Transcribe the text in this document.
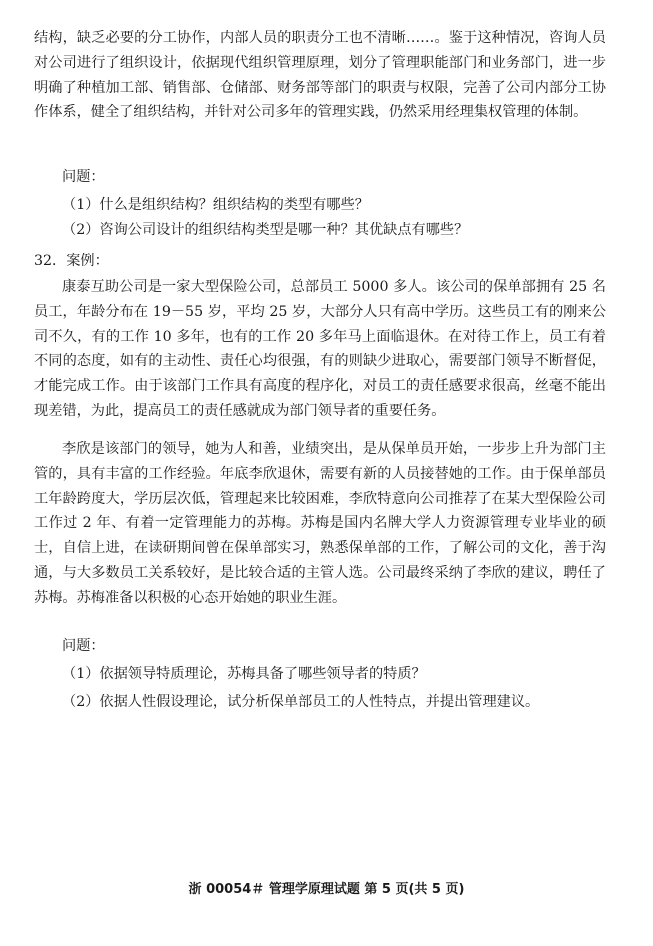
结构，缺乏必要的分工协作，内部人员的职责分工也不清晰……。鉴于这种情况，咨询人员对公司进行了组织设计，依据现代组织管理原理，划分了管理职能部门和业务部门，进一步明确了种植加工部、销售部、仓储部、财务部等部门的职责与权限，完善了公司内部分工协作体系，健全了组织结构，并针对公司多年的管理实践，仍然采用经理集权管理的体制。

问题：

（1）什么是组织结构？组织结构的类型有哪些？

（2）咨询公司设计的组织结构类型是哪一种？其优缺点有哪些？

32．案例：

康泰互助公司是一家大型保险公司，总部员工 5000 多人。该公司的保单部拥有 25 名员工，年龄分布在 19－55 岁，平均 25 岁，大部分人只有高中学历。这些员工有的刚来公司不久，有的工作 10 多年，也有的工作 20 多年马上面临退休。在对待工作上，员工有着不同的态度，如有的主动性、责任心均很强，有的则缺少进取心，需要部门领导不断督促，才能完成工作。由于该部门工作具有高度的程序化，对员工的责任感要求很高，丝毫不能出现差错，为此，提高员工的责任感就成为部门领导者的重要任务。

李欣是该部门的领导，她为人和善，业绩突出，是从保单员开始，一步步上升为部门主管的，具有丰富的工作经验。年底李欣退休，需要有新的人员接替她的工作。由于保单部员工年龄跨度大，学历层次低，管理起来比较困难，李欣特意向公司推荐了在某大型保险公司工作过 2 年、有着一定管理能力的苏梅。苏梅是国内名牌大学人力资源管理专业毕业的硕士，自信上进，在读研期间曾在保单部实习，熟悉保单部的工作，了解公司的文化，善于沟通，与大多数员工关系较好，是比较合适的主管人选。公司最终采纳了李欣的建议，聘任了苏梅。苏梅准备以积极的心态开始她的职业生涯。

问题：

（1）依据领导特质理论，苏梅具备了哪些领导者的特质？

（2）依据人性假设理论，试分析保单部员工的人性特点，并提出管理建议。

浙 00054＃ 管理学原理试题 第 5 页(共 5 页)
